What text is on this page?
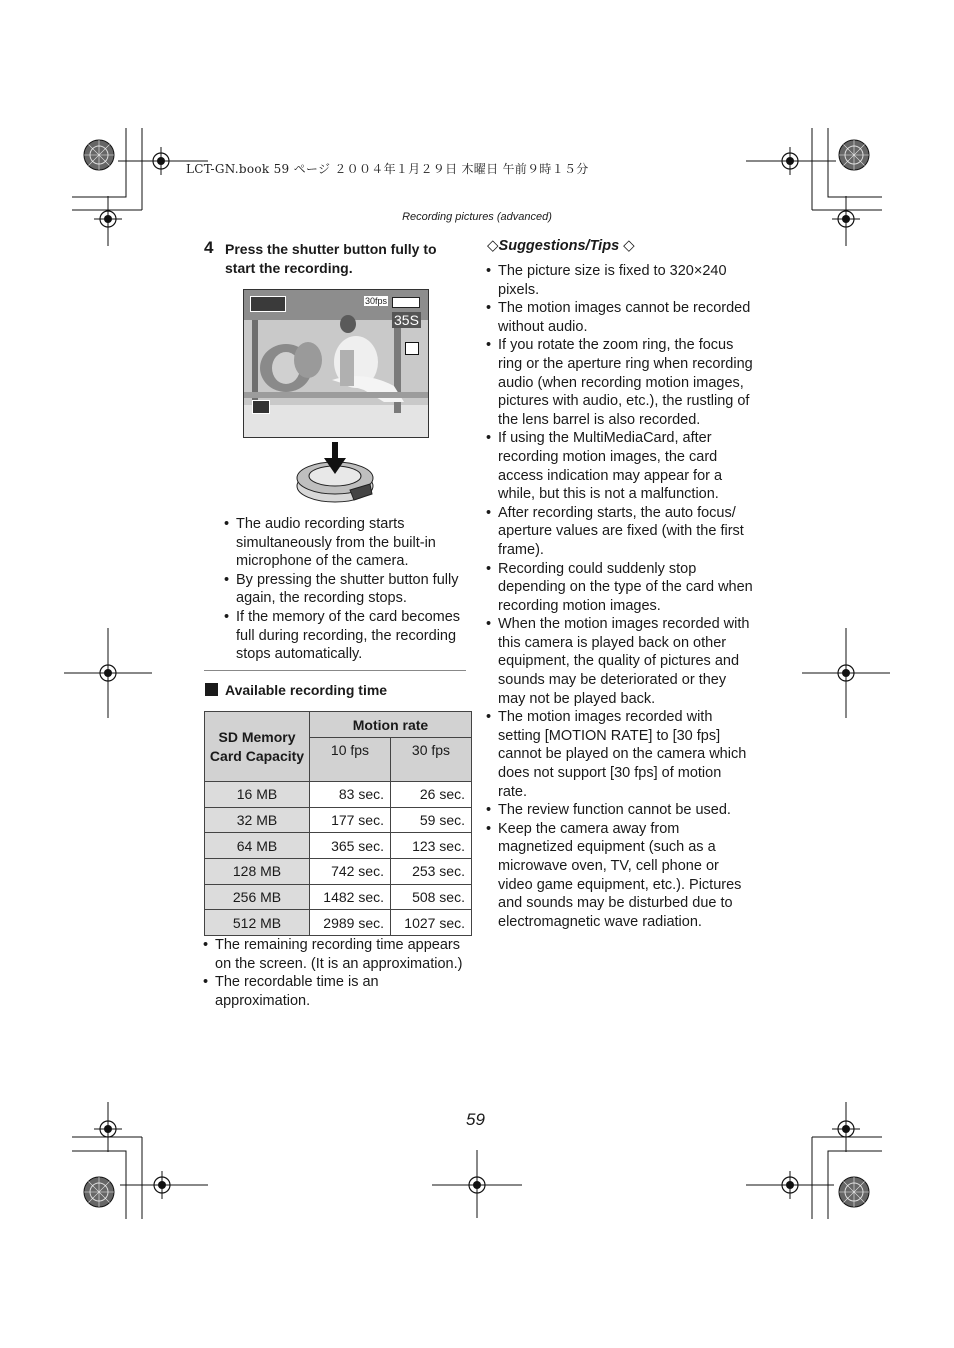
LCT-GN.book 59 ページ ２００４年１月２９日 木曜日 午前９時１５分
Recording pictures (advanced)
4 Press the shutter button fully to start the recording.
30fps
35S
• The audio recording starts simultaneously from the built-in microphone of the camera.
• By pressing the shutter button fully again, the recording stops.
• If the memory of the card becomes full during recording, the recording stops automatically.
Available recording time
SD Memory Card Capacity	Motion rate	
	10 fps	30 fps
16 MB	83 sec.	26 sec.
32 MB	177 sec.	59 sec.
64 MB	365 sec.	123 sec.
128 MB	742 sec.	253 sec.
256 MB	1482 sec.	508 sec.
512 MB	2989 sec.	1027 sec.
• The remaining recording time appears on the screen. (It is an approximation.)
• The recordable time is an approximation.
◇Suggestions/Tips ◇
• The picture size is fixed to 320×240 pixels.
• The motion images cannot be recorded without audio.
• If you rotate the zoom ring, the focus ring or the aperture ring when recording audio (when recording motion images, pictures with audio, etc.), the rustling of the lens barrel is also recorded.
• If using the MultiMediaCard, after recording motion images, the card access indication may appear for a while, but this is not a malfunction.
• After recording starts, the auto focus/ aperture values are fixed (with the first frame).
• Recording could suddenly stop depending on the type of the card when recording motion images.
• When the motion images recorded with this camera is played back on other equipment, the quality of pictures and sounds may be deteriorated or they may not be played back.
• The motion images recorded with setting [MOTION RATE] to [30 fps] cannot be played on the camera which does not support [30 fps] of motion rate.
• The review function cannot be used.
• Keep the camera away from magnetized equipment (such as a microwave oven, TV, cell phone or video game equipment, etc.). Pictures and sounds may be disturbed due to electromagnetic wave radiation.
59
